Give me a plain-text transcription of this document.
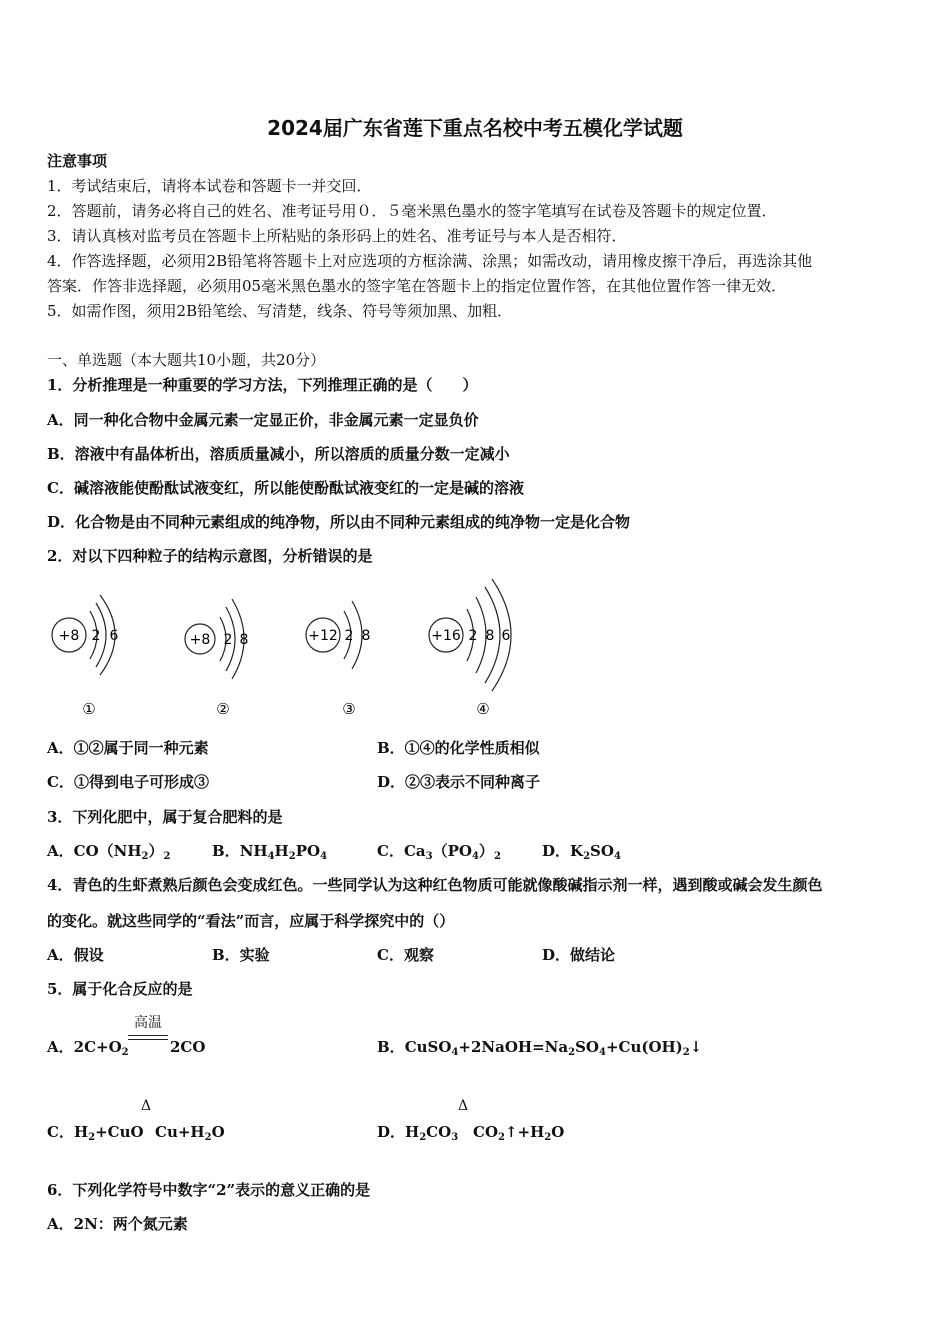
2024届广东省莲下重点名校中考五模化学试题
注意事项
1．考试结束后，请将本试卷和答题卡一并交回．
2．答题前，请务必将自己的姓名、准考证号用０．５毫米黑色墨水的签字笔填写在试卷及答题卡的规定位置．
3．请认真核对监考员在答题卡上所粘贴的条形码上的姓名、准考证号与本人是否相符．
4．作答选择题，必须用2B铅笔将答题卡上对应选项的方框涂满、涂黑；如需改动，请用橡皮擦干净后，再选涂其他
答案．作答非选择题，必须用05毫米黑色墨水的签字笔在答题卡上的指定位置作答，在其他位置作答一律无效．
5．如需作图，须用2B铅笔绘、写清楚，线条、符号等须加黑、加粗．
一、单选题（本大题共10小题，共20分）
1．分析推理是一种重要的学习方法，下列推理正确的是（　　）
A．同一种化合物中金属元素一定显正价，非金属元素一定显负价
B．溶液中有晶体析出，溶质质量减小，所以溶质的质量分数一定减小
C．碱溶液能使酚酞试液变红，所以能使酚酞试液变红的一定是碱的溶液
D．化合物是由不同种元素组成的纯净物，所以由不同种元素组成的纯净物一定是化合物
2．对以下四种粒子的结构示意图，分析错误的是
+8 2 6
①
+8 2 8
②
+12 2 8
③
+16 2 8 6
④
A．①②属于同一种元素	B．①④的化学性质相似
C．①得到电子可形成③	D．②③表示不同种离子
3．下列化肥中，属于复合肥料的是
A．$CO(NH_2)_2$	B．$NH_4H_2PO_4$	C．$Ca_3(PO_4)_2$	D．$K_2SO_4$
4．青色的生虾煮熟后颜色会变成红色。一些同学认为这种红色物质可能就像酸碱指示剂一样，遇到酸或碱会发生颜色
的变化。就这些同学的“看法”而言，应属于科学探究中的（）
A．假设	B．实验	C．观察	D．做结论
5．属于化合反应的是
A．$2C+O_2$
高温
2CO	B．$CuSO_4+2NaOH=Na_2SO_4+Cu(OH)_2↓$
C．$H_2+CuO$
Δ
$Cu+H_2O$	D．$H_2CO_3$
Δ
$CO_2↑+H_2O$
6．下列化学符号中数字“2”表示的意义正确的是
A．2N：两个氮元素
